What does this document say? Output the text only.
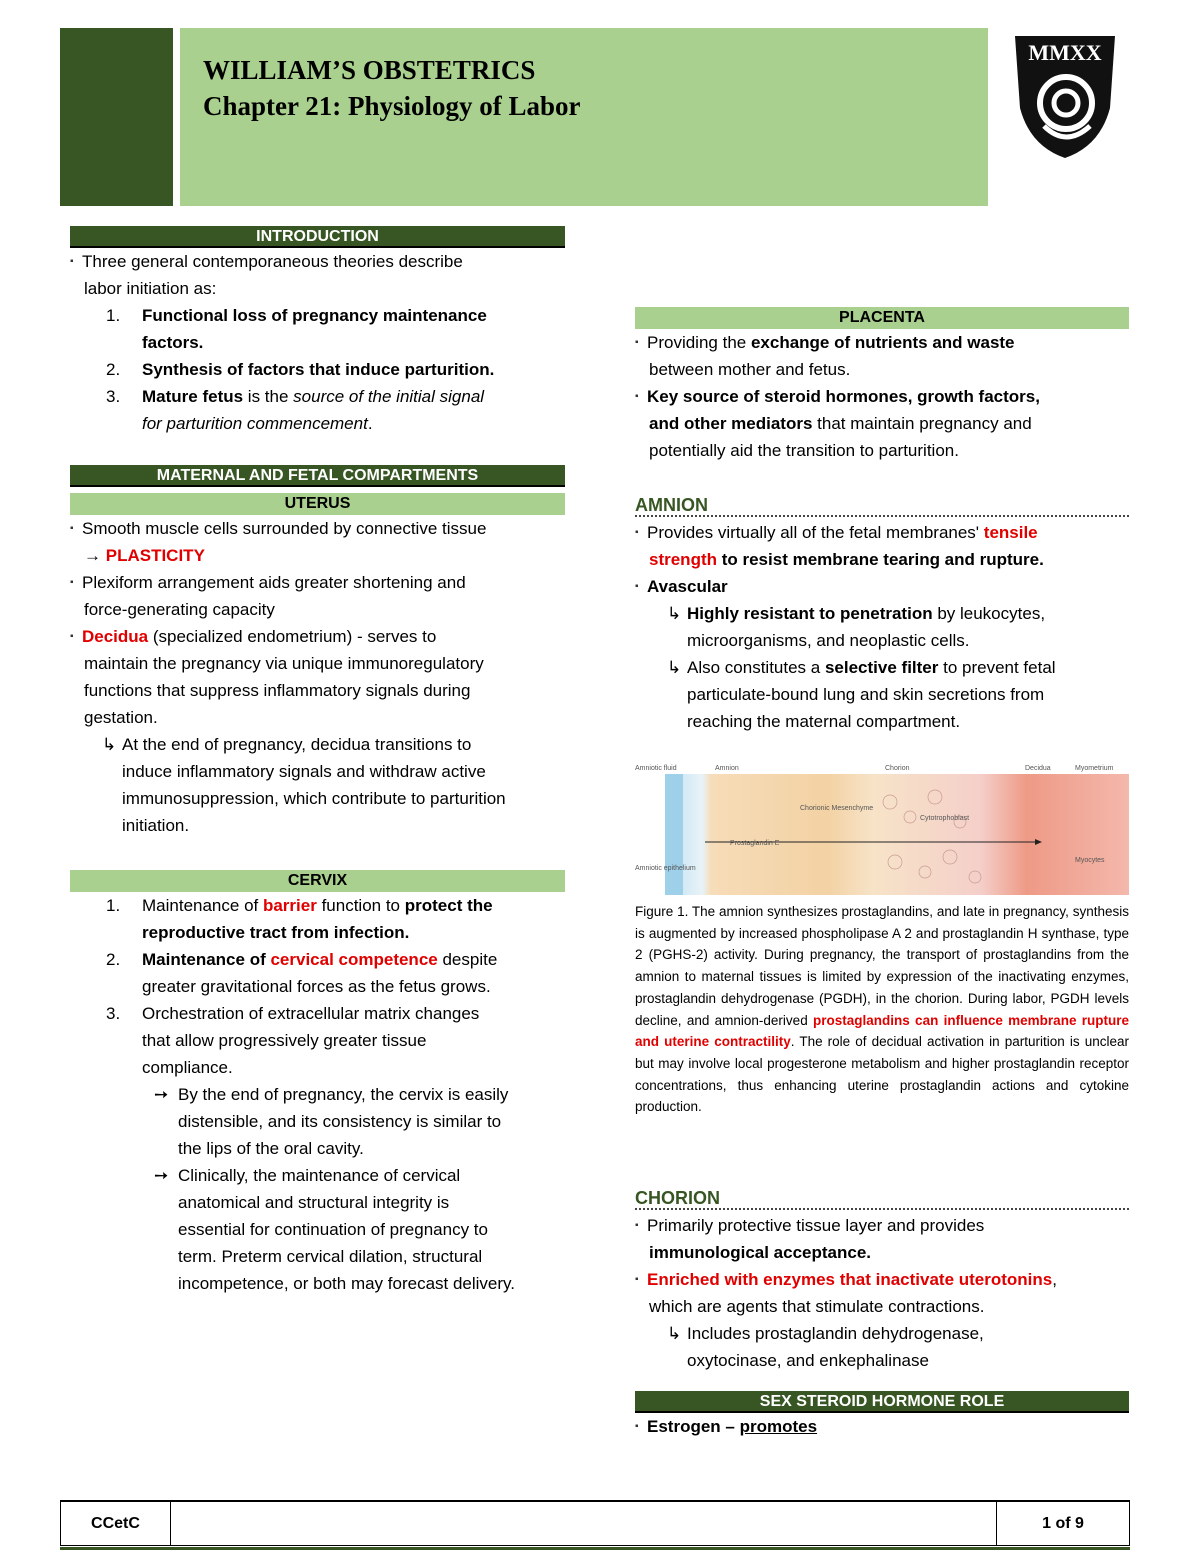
WILLIAM’S OBSTETRICS
Chapter 21: Physiology of Labor
MMXX
INTRODUCTION
▪ Three general contemporaneous theories describe
labor initiation as:
1. Functional loss of pregnancy maintenance
factors.
2. Synthesis of factors that induce parturition.
3. Mature fetus is the source of the initial signal
for parturition commencement.
MATERNAL AND FETAL COMPARTMENTS
UTERUS
▪ Smooth muscle cells surrounded by connective tissue
→ PLASTICITY
▪ Plexiform arrangement aids greater shortening and
force-generating capacity
▪ Decidua (specialized endometrium) - serves to
maintain the pregnancy via unique immunoregulatory
functions that suppress inflammatory signals during
gestation.
↳ At the end of pregnancy, decidua transitions to
induce inflammatory signals and withdraw active
immunosuppression, which contribute to parturition
initiation.
CERVIX
1. Maintenance of barrier function to protect the
reproductive tract from infection.
2. Maintenance of cervical competence despite
greater gravitational forces as the fetus grows.
3. Orchestration of extracellular matrix changes
that allow progressively greater tissue
compliance.
➙ By the end of pregnancy, the cervix is easily
distensible, and its consistency is similar to
the lips of the oral cavity.
➙ Clinically, the maintenance of cervical
anatomical and structural integrity is
essential for continuation of pregnancy to
term. Preterm cervical dilation, structural
incompetence, or both may forecast delivery.
PLACENTA
▪ Providing the exchange of nutrients and waste
between mother and fetus.
▪ Key source of steroid hormones, growth factors,
and other mediators that maintain pregnancy and
potentially aid the transition to parturition.
AMNION
▪ Provides virtually all of the fetal membranes' tensile
strength to resist membrane tearing and rupture.
▪ Avascular
↳ Highly resistant to penetration by leukocytes,
microorganisms, and neoplastic cells.
↳ Also constitutes a selective filter to prevent fetal
particulate-bound lung and skin secretions from
reaching the maternal compartment.
Amniotic fluid	Amnion	Chorion	Decidua	Myometrium
Chorionic Mesenchyme
Cytotrophoblast
Prostaglandin E
Amniotic epithelium
Myocytes
Figure 1. The amnion synthesizes prostaglandins, and late in pregnancy, synthesis is augmented by increased phospholipase A 2 and prostaglandin H synthase, type 2 (PGHS-2) activity. During pregnancy, the transport of prostaglandins from the amnion to maternal tissues is limited by expression of the inactivating enzymes, prostaglandin dehydrogenase (PGDH), in the chorion. During labor, PGDH levels decline, and amnion-derived prostaglandins can influence membrane rupture and uterine contractility. The role of decidual activation in parturition is unclear but may involve local progesterone metabolism and higher prostaglandin receptor concentrations, thus enhancing uterine prostaglandin actions and cytokine production.
CHORION
▪ Primarily protective tissue layer and provides
immunological acceptance.
▪ Enriched with enzymes that inactivate uterotonins,
which are agents that stimulate contractions.
↳ Includes prostaglandin dehydrogenase,
oxytocinase, and enkephalinase
SEX STEROID HORMONE ROLE
▪ Estrogen – promotes
CCetC	1 of 9
